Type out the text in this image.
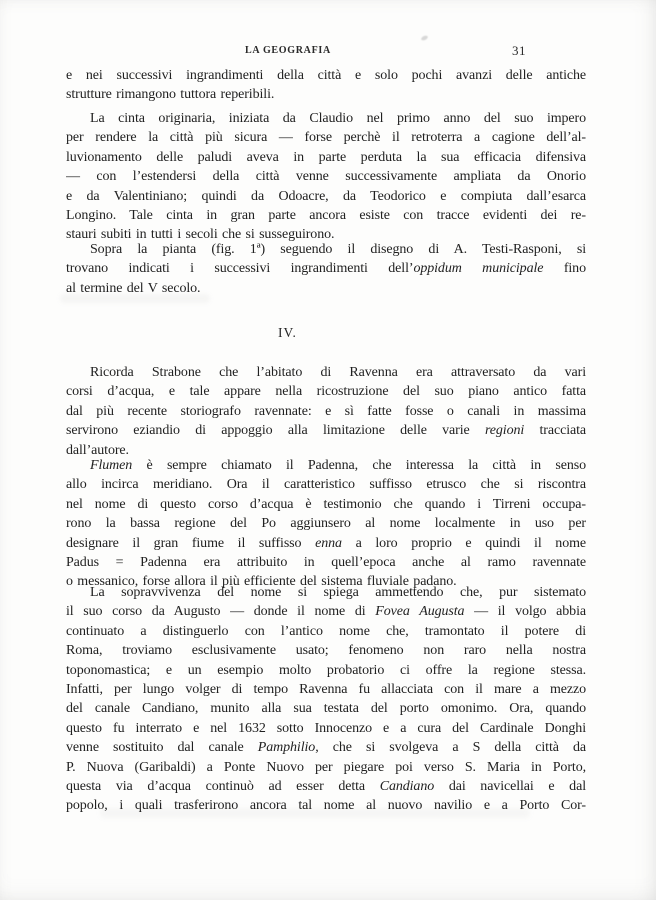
LA GEOGRAFIA	31
IV.
e nei successivi ingrandimenti della città e solo pochi avanzi delle antiche
strutture rimangono tuttora reperibili.
La cinta originaria, iniziata da Claudio nel primo anno del suo impero
per rendere la città più sicura — forse perchè il retroterra a cagione dell’al-
luvionamento delle paludi aveva in parte perduta la sua efficacia difensiva
— con l’estendersi della città venne successivamente ampliata da Onorio
e da Valentiniano; quindi da Odoacre, da Teodorico e compiuta dall’esarca
Longino. Tale cinta in gran parte ancora esiste con tracce evidenti dei re-
stauri subiti in tutti i secoli che si susseguirono.
Sopra la pianta (fig. 1ª) seguendo il disegno di A. Testi-Rasponi, si
trovano indicati i successivi ingrandimenti dell’oppidum municipale fino
al termine del V secolo.
Ricorda Strabone che l’abitato di Ravenna era attraversato da vari
corsi d’acqua, e tale appare nella ricostruzione del suo piano antico fatta
dal più recente storiografo ravennate: e sì fatte fosse o canali in massima
servirono eziandio di appoggio alla limitazione delle varie regioni tracciata
dall’autore.
Flumen è sempre chiamato il Padenna, che interessa la città in senso
allo incirca meridiano. Ora il caratteristico suffisso etrusco che si riscontra
nel nome di questo corso d’acqua è testimonio che quando i Tirreni occupa-
rono la bassa regione del Po aggiunsero al nome localmente in uso per
designare il gran fiume il suffisso enna a loro proprio e quindi il nome
Padus = Padenna era attribuito in quell’epoca anche al ramo ravennate
o messanico, forse allora il più efficiente del sistema fluviale padano.
La sopravvivenza del nome si spiega ammettendo che, pur sistemato
il suo corso da Augusto — donde il nome di Fovea Augusta — il volgo abbia
continuato a distinguerlo con l’antico nome che, tramontato il potere di
Roma, troviamo esclusivamente usato; fenomeno non raro nella nostra
toponomastica; e un esempio molto probatorio ci offre la regione stessa.
Infatti, per lungo volger di tempo Ravenna fu allacciata con il mare a mezzo
del canale Candiano, munito alla sua testata del porto omonimo. Ora, quando
questo fu interrato e nel 1632 sotto Innocenzo e a cura del Cardinale Donghi
venne sostituito dal canale Pamphilio, che si svolgeva a S della città da
P. Nuova (Garibaldi) a Ponte Nuovo per piegare poi verso S. Maria in Porto,
questa via d’acqua continuò ad esser detta Candiano dai navicellai e dal
popolo, i quali trasferirono ancora tal nome al nuovo navilio e a Porto Cor-
